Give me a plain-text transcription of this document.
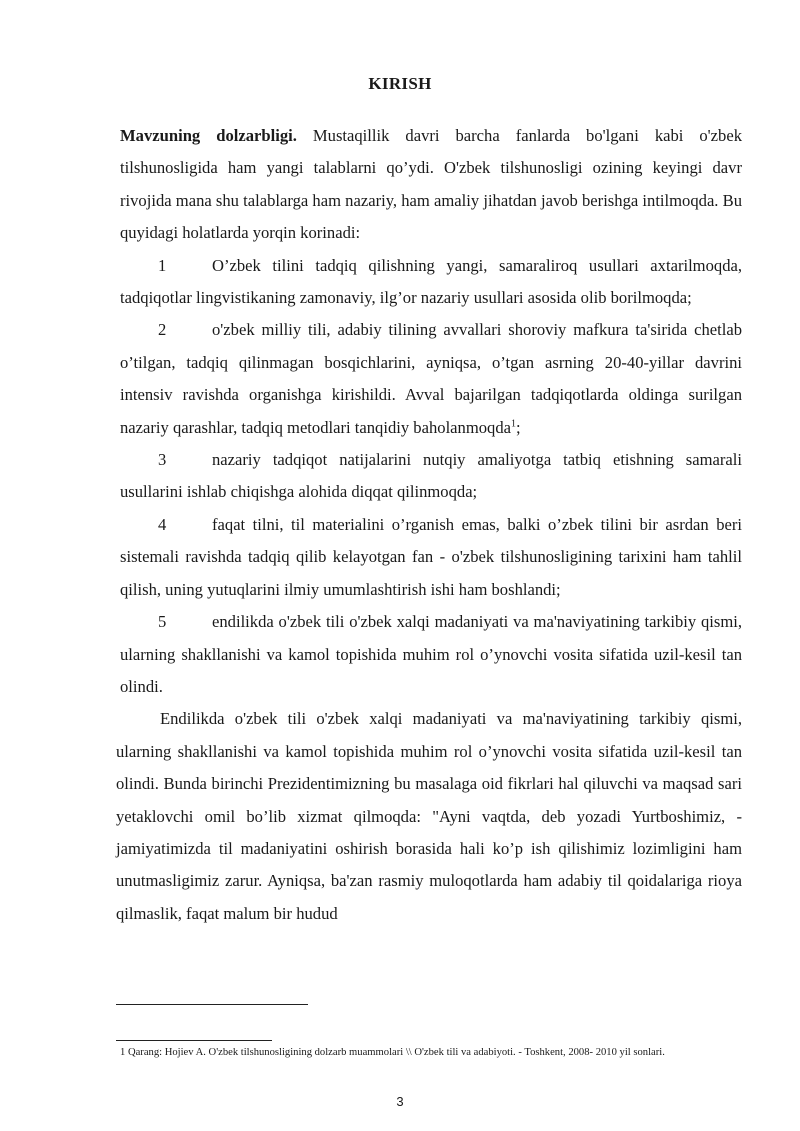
KIRISH

Mavzuning dolzarbligi. Mustaqillik davri barcha fanlarda bo'lgani kabi o'zbek tilshunosligida ham yangi talablarni qo’ydi. O'zbek tilshunosligi ozining keyingi davr rivojida mana shu talablarga ham nazariy, ham amaliy jihatdan javob berishga intilmoqda. Bu quyidagi holatlarda yorqin korinadi:

1	O’zbek tilini tadqiq qilishning yangi, samaraliroq usullari axtarilmoqda, tadqiqotlar lingvistikaning zamonaviy, ilg’or nazariy usullari asosida olib borilmoqda;

2	o'zbek milliy tili, adabiy tilining avvallari shoroviy mafkura ta'sirida chetlab o’tilgan, tadqiq qilinmagan bosqichlarini, ayniqsa, o’tgan asrning 20-40-yillar davrini intensiv ravishda organishga kirishildi. Avval bajarilgan tadqiqotlarda oldinga surilgan nazariy qarashlar, tadqiq metodlari tanqidiy baholanmoqda$^1$;

3	nazariy tadqiqot natijalarini nutqiy amaliyotga tatbiq etishning samarali usullarini ishlab chiqishga alohida diqqat qilinmoqda;

4	faqat tilni, til materialini o’rganish emas, balki o’zbek tilini bir asrdan beri sistemali ravishda tadqiq qilib kelayotgan fan - o'zbek tilshunosligining tarixini ham tahlil qilish, uning yutuqlarini ilmiy umumlashtirish ishi ham boshlandi;

5	endilikda o'zbek tili o'zbek xalqi madaniyati va ma'naviyatining tarkibiy qismi, ularning shakllanishi va kamol topishida muhim rol o’ynovchi vosita sifatida uzil-kesil tan olindi.

Endilikda o'zbek tili o'zbek xalqi madaniyati va ma'naviyatining tarkibiy qismi, ularning shakllanishi va kamol topishida muhim rol o’ynovchi vosita sifatida uzil-kesil tan olindi. Bunda birinchi Prezidentimizning bu masalaga oid fikrlari hal qiluvchi va maqsad sari yetaklovchi omil bo’lib xizmat qilmoqda: "Ayni vaqtda, deb yozadi Yurtboshimiz, - jamiyatimizda til madaniyatini oshirish borasida hali ko’p ish qilishimiz lozimligini ham unutmasligimiz zarur. Ayniqsa, ba'zan rasmiy muloqotlarda ham adabiy til qoidalariga rioya qilmaslik, faqat malum bir hudud

1 Qarang: Hojiev A. O'zbek tilshunosligining dolzarb muammolari \\ O'zbek tili va adabiyoti. - Toshkent, 2008- 2010 yil sonlari.
3
